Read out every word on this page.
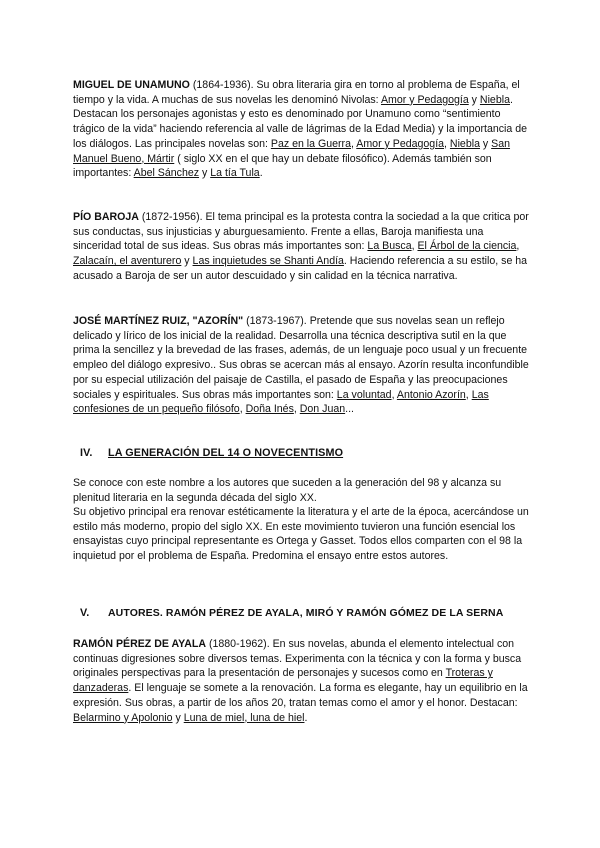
MIGUEL DE UNAMUNO (1864-1936). Su obra literaria gira en torno al problema de España, el tiempo y la vida. A muchas de sus novelas les denominó Nivolas: Amor y Pedagogía y Niebla. Destacan los personajes agonistas y esto es denominado por Unamuno como “sentimiento trágico de la vida” haciendo referencia al valle de lágrimas de la Edad Media) y la importancia de los diálogos. Las principales novelas son: Paz en la Guerra, Amor y Pedagogía, Niebla y San Manuel Bueno, Mártir ( siglo XX en el que hay un debate filosófico). Además también son importantes: Abel Sánchez y La tía Tula.

PÍO BAROJA (1872-1956). El tema principal es la protesta contra la sociedad a la que critica por sus conductas, sus injusticias y aburguesamiento. Frente a ellas, Baroja manifiesta una sinceridad total de sus ideas. Sus obras más importantes son: La Busca, El Árbol de la ciencia, Zalacaín, el aventurero y Las inquietudes se Shanti Andía. Haciendo referencia a su estilo, se ha acusado a Baroja de ser un autor descuidado y sin calidad en la técnica narrativa.

JOSÉ MARTÍNEZ RUIZ, "AZORÍN" (1873-1967). Pretende que sus novelas sean un reflejo delicado y lírico de los inicial de la realidad. Desarrolla una técnica descriptiva sutil en la que prima la sencillez y la brevedad de las frases, además, de un lenguaje poco usual y un frecuente empleo del diálogo expresivo.. Sus obras se acercan más al ensayo. Azorín resulta inconfundible por su especial utilización del paisaje de Castilla, el pasado de España y las preocupaciones sociales y espirituales. Sus obras más importantes son: La voluntad, Antonio Azorín, Las confesiones de un pequeño filósofo, Doña Inés, Don Juan...

IV. LA GENERACIÓN DEL 14 O NOVECENTISMO

Se conoce con este nombre a los autores que suceden a la generación del 98 y alcanza su plenitud literaria en la segunda década del siglo XX.

Su objetivo principal era renovar estéticamente la literatura y el arte de la época, acercándose un estilo más moderno, propio del siglo XX. En este movimiento tuvieron una función esencial los ensayistas cuyo principal representante es Ortega y Gasset. Todos ellos comparten con el 98 la inquietud por el problema de España. Predomina el ensayo entre estos autores.

V. AUTORES. RAMÓN PÉREZ DE AYALA, MIRÓ Y RAMÓN GÓMEZ DE LA SERNA

RAMÓN PÉREZ DE AYALA (1880-1962). En sus novelas, abunda el elemento intelectual con continuas digresiones sobre diversos temas. Experimenta con la técnica y con la forma y busca originales perspectivas para la presentación de personajes y sucesos como en Troteras y danzaderas. El lenguaje se somete a la renovación. La forma es elegante, hay un equilibrio en la expresión. Sus obras, a partir de los años 20, tratan temas como el amor y el honor. Destacan: Belarmino y Apolonio y Luna de miel, luna de hiel.
